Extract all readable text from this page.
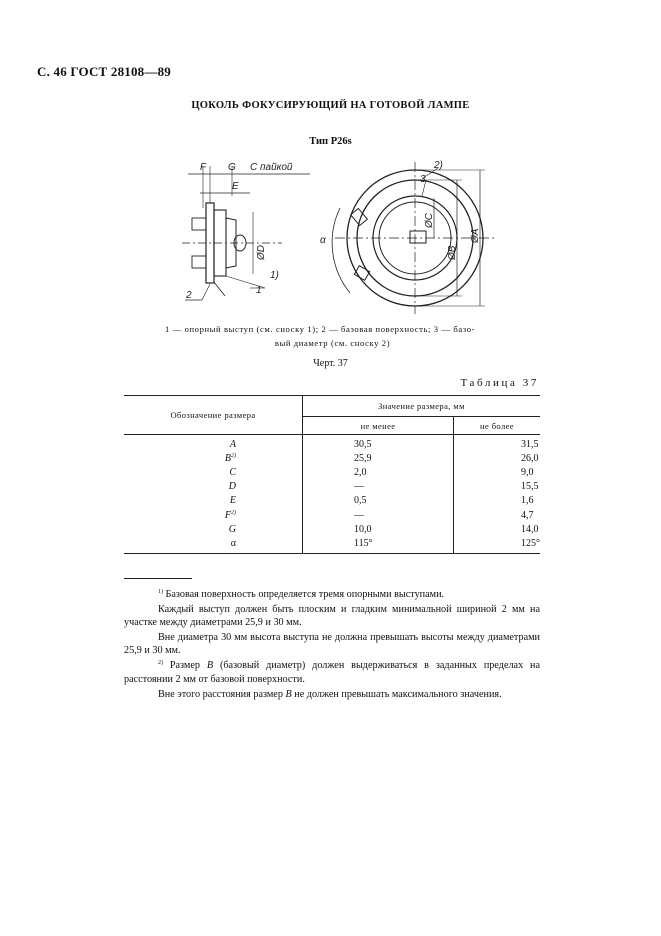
С. 46 ГОСТ 28108—89
ЦОКОЛЬ ФОКУСИРУЮЩИЙ НА ГОТОВОЙ ЛАМПЕ
Тип P26s
F G С пайкой
E
ØD
1)
1
2
3
2)
α
ØC
ØB
ØA
1 — опорный выступ (см. сноску 1); 2 — базовая поверхность; 3 — базо-
вый диаметр (см. сноску 2)
Черт. 37
Таблица 37
Обозначение размера	Значение размера, мм	
	не менее	не более
A	30,5	31,5
$B^{2)}$	25,9	26,0
C	2,0	9,0
D	—	15,5
E	0,5	1,6
$F^{2)}$	—	4,7
G	10,0	14,0
α	115°	125°

$^{1)}$ Базовая поверхность определяется тремя опорными выступами.

Каждый выступ должен быть плоским и гладким минимальной шириной 2 мм на участке между диаметрами 25,9 и 30 мм.

Вне диаметра 30 мм высота выступа не должна превышать высоты между диаметрами 25,9 и 30 мм.

$^{2)}$ Размер B (базовый диаметр) должен выдерживаться в заданных пределах на расстоянии 2 мм от базовой поверхности.

Вне этого расстояния размер B не должен превышать максимального значения.
